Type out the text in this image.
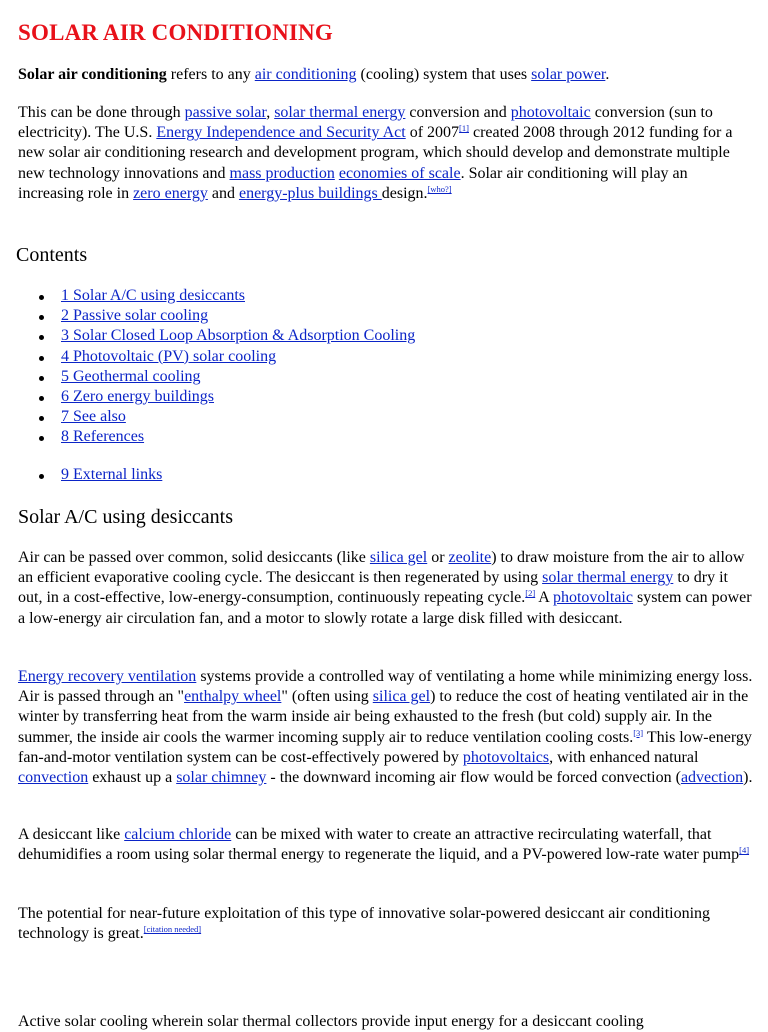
SOLAR AIR CONDITIONING

Solar air conditioning refers to any air conditioning (cooling) system that uses solar power.

This can be done through passive solar, solar thermal energy conversion and photovoltaic conversion (sun to electricity). The U.S. Energy Independence and Security Act of 2007[1] created 2008 through 2012 funding for a new solar air conditioning research and development program, which should develop and demonstrate multiple new technology innovations and mass production economies of scale. Solar air conditioning will play an increasing role in zero energy and energy-plus buildings design.[who?]

Contents
1 Solar A/C using desiccants
2 Passive solar cooling
3 Solar Closed Loop Absorption & Adsorption Cooling
4 Photovoltaic (PV) solar cooling
5 Geothermal cooling
6 Zero energy buildings
7 See also
8 References
9 External links
Solar A/C using desiccants

Air can be passed over common, solid desiccants (like silica gel or zeolite) to draw moisture from the air to allow an efficient evaporative cooling cycle. The desiccant is then regenerated by using solar thermal energy to dry it out, in a cost-effective, low-energy-consumption, continuously repeating cycle.[2] A photovoltaic system can power a low-energy air circulation fan, and a motor to slowly rotate a large disk filled with desiccant.

Energy recovery ventilation systems provide a controlled way of ventilating a home while minimizing energy loss. Air is passed through an "enthalpy wheel" (often using silica gel) to reduce the cost of heating ventilated air in the winter by transferring heat from the warm inside air being exhausted to the fresh (but cold) supply air. In the summer, the inside air cools the warmer incoming supply air to reduce ventilation cooling costs.[3] This low-energy fan-and-motor ventilation system can be cost-effectively powered by photovoltaics, with enhanced natural convection exhaust up a solar chimney - the downward incoming air flow would be forced convection (advection).

A desiccant like calcium chloride can be mixed with water to create an attractive recirculating waterfall, that dehumidifies a room using solar thermal energy to regenerate the liquid, and a PV-powered low-rate water pump[4]

The potential for near-future exploitation of this type of innovative solar-powered desiccant air conditioning technology is great.[citation needed]

Active solar cooling wherein solar thermal collectors provide input energy for a desiccant cooling
